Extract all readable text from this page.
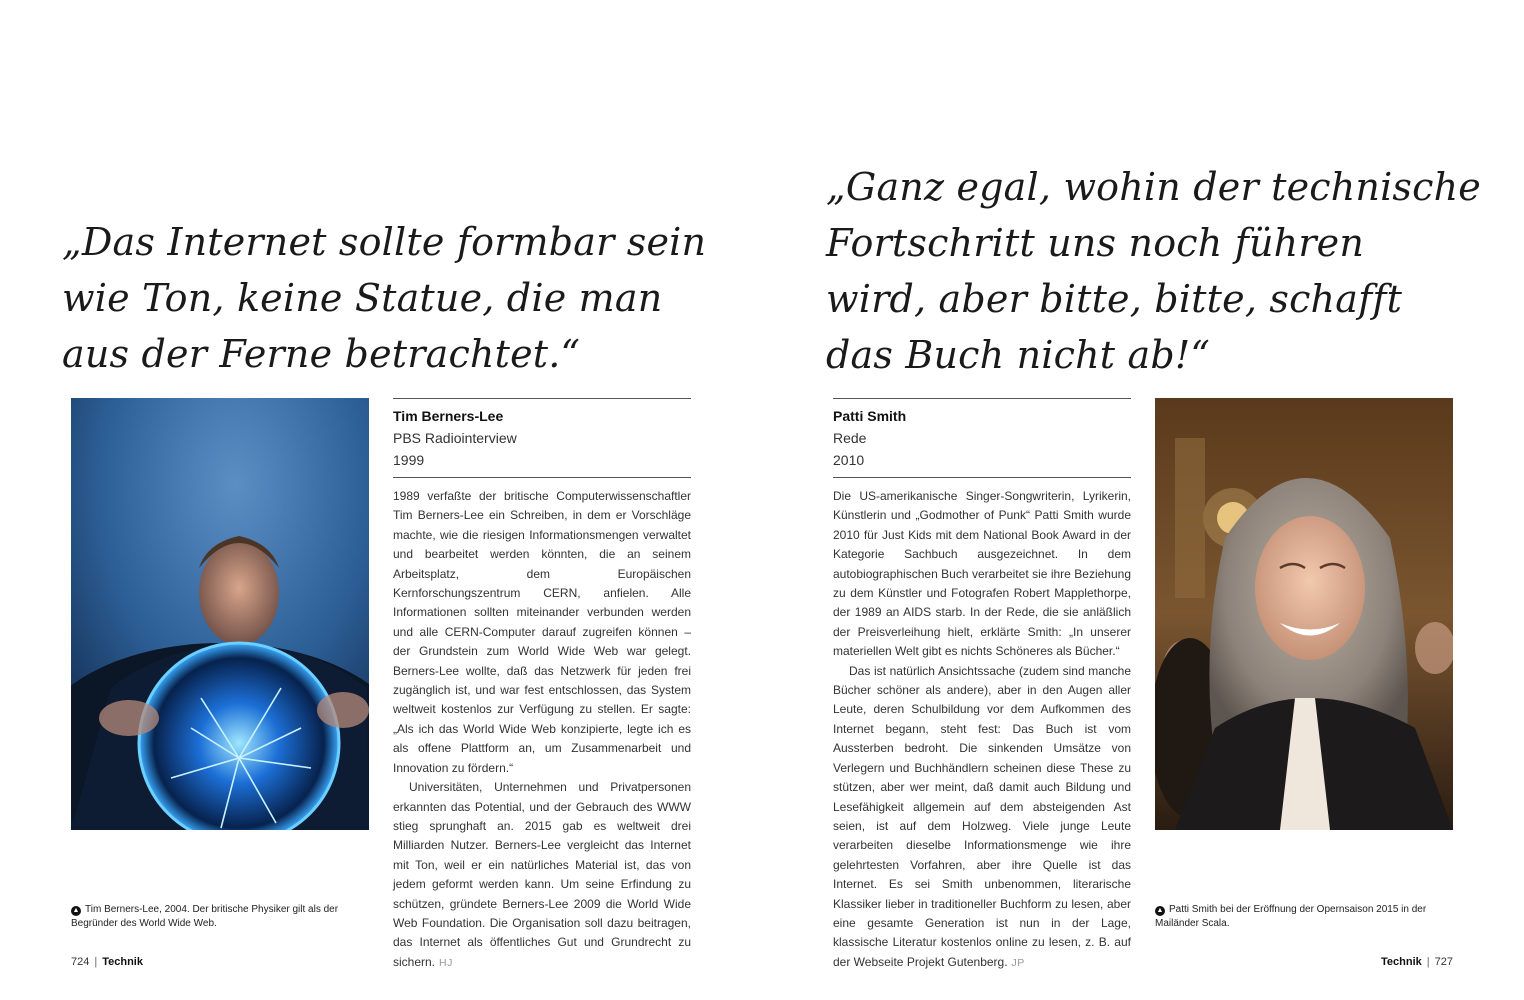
„Das Internet sollte formbar sein
wie Ton, keine Statue, die man
aus der Ferne betrachtet.“
Tim Berners-Lee
PBS Radiointerview
1999

1989 verfaßte der britische Computerwissenschaftler Tim Berners-Lee ein Schreiben, in dem er Vorschläge machte, wie die riesigen Informationsmengen verwaltet und bearbeitet werden könnten, die an seinem Arbeitsplatz, dem Europäischen Kernforschungszentrum CERN, anfielen. Alle Informationen sollten miteinander verbunden werden und alle CERN-Computer darauf zugreifen können – der Grundstein zum World Wide Web war gelegt. Berners-Lee wollte, daß das Netzwerk für jeden frei zugänglich ist, und war fest entschlossen, das System weltweit kostenlos zur Verfügung zu stellen. Er sagte: „Als ich das World Wide Web konzipierte, legte ich es als offene Plattform an, um Zusammenarbeit und Innovation zu fördern.“

Universitäten, Unternehmen und Privatpersonen erkannten das Potential, und der Gebrauch des WWW stieg sprunghaft an. 2015 gab es weltweit drei Milliarden Nutzer. Berners-Lee vergleicht das Internet mit Ton, weil er ein natürliches Material ist, das von jedem geformt werden kann. Um seine Erfindung zu schützen, gründete Berners-Lee 2009 die World Wide Web Foundation. Die Organisation soll dazu beitragen, das Internet als öffentliches Gut und Grundrecht zu sichern. HJ

▲ Tim Berners-Lee, 2004. Der britische Physiker gilt als der Begründer des World Wide Web.
724 | Technik
„Ganz egal, wohin der technische
Fortschritt uns noch führen
wird, aber bitte, bitte, schafft
das Buch nicht ab!“
Patti Smith
Rede
2010

Die US-amerikanische Singer-Songwriterin, Lyrikerin, Künstlerin und „Godmother of Punk“ Patti Smith wurde 2010 für Just Kids mit dem National Book Award in der Kategorie Sachbuch ausgezeichnet. In dem autobiographischen Buch verarbeitet sie ihre Beziehung zu dem Künstler und Fotografen Robert Mapplethorpe, der 1989 an AIDS starb. In der Rede, die sie anläßlich der Preisverleihung hielt, erklärte Smith: „In unserer materiellen Welt gibt es nichts Schöneres als Bücher.“

Das ist natürlich Ansichtssache (zudem sind manche Bücher schöner als andere), aber in den Augen aller Leute, deren Schulbildung vor dem Aufkommen des Internet begann, steht fest: Das Buch ist vom Aussterben bedroht. Die sinkenden Umsätze von Verlegern und Buchhändlern scheinen diese These zu stützen, aber wer meint, daß damit auch Bildung und Lesefähigkeit allgemein auf dem absteigenden Ast seien, ist auf dem Holzweg. Viele junge Leute verarbeiten dieselbe Informationsmenge wie ihre gelehrtesten Vorfahren, aber ihre Quelle ist das Internet. Es sei Smith unbenommen, literarische Klassiker lieber in traditioneller Buchform zu lesen, aber eine gesamte Generation ist nun in der Lage, klassische Literatur kostenlos online zu lesen, z. B. auf der Webseite Projekt Gutenberg. JP

▲ Patti Smith bei der Eröffnung der Opernsaison 2015 in der Mailänder Scala.
Technik | 727
